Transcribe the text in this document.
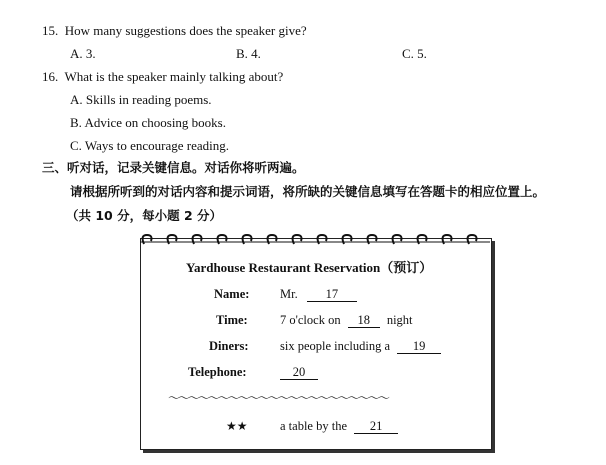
15.  How many suggestions does the speaker give?
A. 3.	B. 4.	C. 5.
16.  What is the speaker mainly talking about?
A. Skills in reading poems.
B. Advice on choosing books.
C. Ways to encourage reading.
三、听对话，记录关键信息。对话你将听两遍。
请根据所听到的对话内容和提示词语，将所缺的关键信息填写在答题卡的相应位置上。
（共 10 分，每小题 2 分）
Yardhouse Restaurant Reservation（预订）
Name: Mr. 17
Time:	7 o'clock on 18 night
Diners:	six people including a 19
Telephone:	20
～～～～～～～～～～～～～～～～～～～～～～
★★	a table by the 21
